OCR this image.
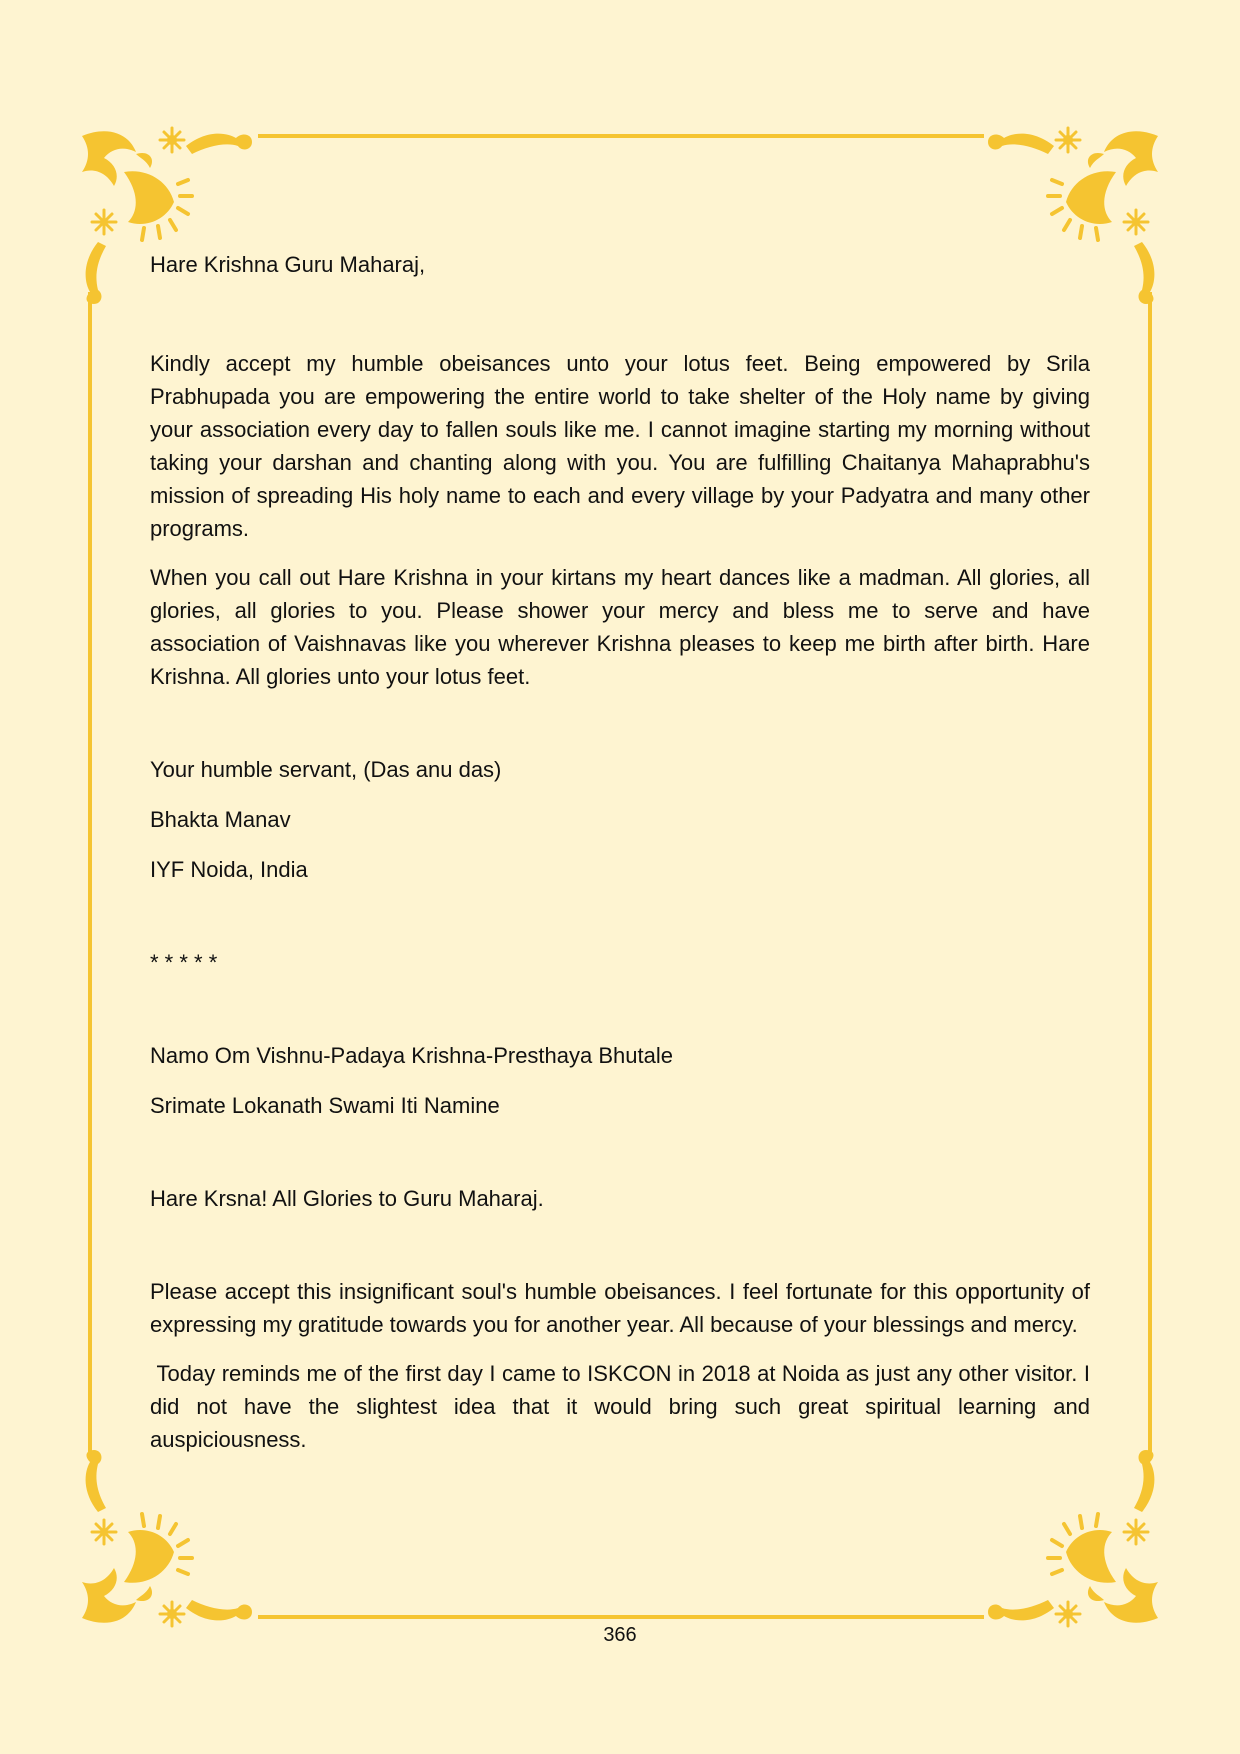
Hare Krishna Guru Maharaj,

Kindly accept my humble obeisances unto your lotus feet. Being empowered by Srila Prabhupada you are empowering the entire world to take shelter of the Holy name by giving your association every day to fallen souls like me. I cannot imagine starting my morning without taking your darshan and chanting along with you. You are fulfilling Chaitanya Mahaprabhu's mission of spreading His holy name to each and every village by your Padyatra and many other programs.

When you call out Hare Krishna in your kirtans my heart dances like a madman. All glories, all glories, all glories to you. Please shower your mercy and bless me to serve and have association of Vaishnavas like you wherever Krishna pleases to keep me birth after birth. Hare Krishna. All glories unto your lotus feet.

Your humble servant, (Das anu das)

Bhakta Manav

IYF Noida, India

* * * * *

Namo Om Vishnu-Padaya Krishna-Presthaya Bhutale

Srimate Lokanath Swami Iti Namine

Hare Krsna! All Glories to Guru Maharaj.

Please accept this insignificant soul's humble obeisances. I feel fortunate for this opportunity of expressing my gratitude towards you for another year. All because of your blessings and mercy.

Today reminds me of the first day I came to ISKCON in 2018 at Noida as just any other visitor. I did not have the slightest idea that it would bring such great spiritual learning and auspiciousness.

366
